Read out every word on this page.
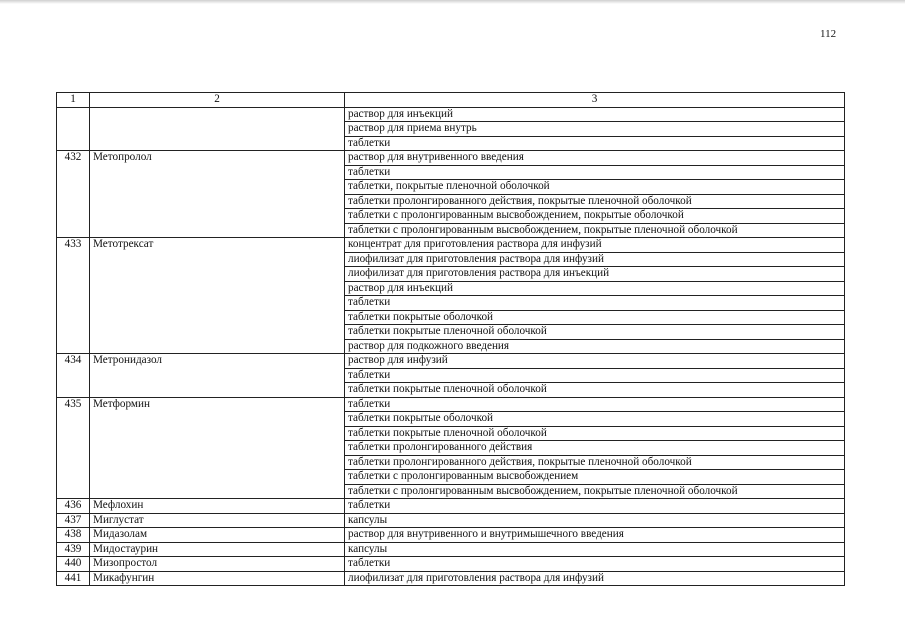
112
1	2	3
		раствор для инъекций
		раствор для приема внутрь
		таблетки
432	Метопролол	раствор для внутривенного введения
		таблетки
		таблетки, покрытые пленочной оболочкой
		таблетки пролонгированного действия, покрытые пленочной оболочкой
		таблетки с пролонгированным высвобождением, покрытые оболочкой
		таблетки с пролонгированным высвобождением, покрытые пленочной оболочкой
433	Метотрексат	концентрат для приготовления раствора для инфузий
		лиофилизат для приготовления раствора для инфузий
		лиофилизат для приготовления раствора для инъекций
		раствор для инъекций
		таблетки
		таблетки покрытые оболочкой
		таблетки покрытые пленочной оболочкой
		раствор для подкожного введения
434	Метронидазол	раствор для инфузий
		таблетки
		таблетки покрытые пленочной оболочкой
435	Метформин	таблетки
		таблетки покрытые оболочкой
		таблетки покрытые пленочной оболочкой
		таблетки пролонгированного действия
		таблетки пролонгированного действия, покрытые пленочной оболочкой
		таблетки с пролонгированным высвобождением
		таблетки с пролонгированным высвобождением, покрытые пленочной оболочкой
436	Мефлохин	таблетки
437	Миглустат	капсулы
438	Мидазолам	раствор для внутривенного и внутримышечного введения
439	Мидостаурин	капсулы
440	Мизопростол	таблетки
441	Микафунгин	лиофилизат для приготовления раствора для инфузий
